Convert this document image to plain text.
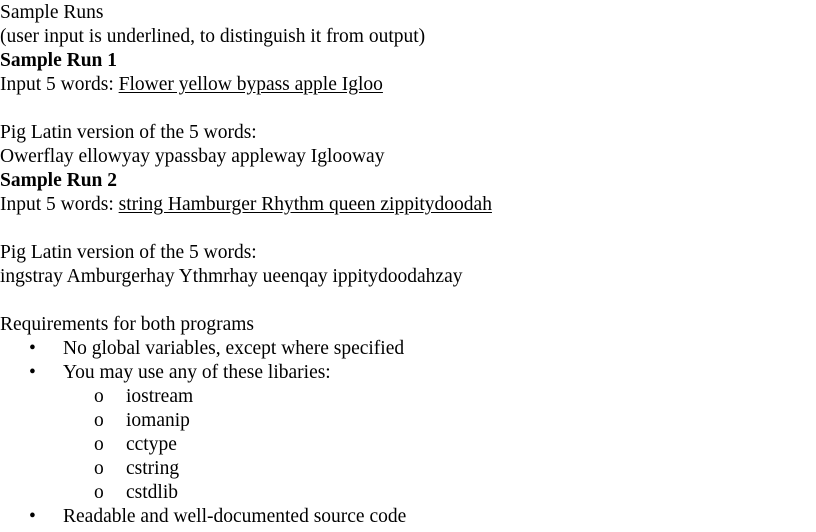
Sample Runs
(user input is underlined, to distinguish it from output)
Sample Run 1
Input 5 words: Flower yellow bypass apple Igloo
Pig Latin version of the 5 words:
Owerflay ellowyay ypassbay appleway Iglooway
Sample Run 2
Input 5 words: string Hamburger Rhythm queen zippitydoodah
Pig Latin version of the 5 words:
ingstray Amburgerhay Ythmrhay ueenqay ippitydoodahzay
Requirements for both programs
• No global variables, except where specified
• You may use any of these libaries:
o iostream
o iomanip
o cctype
o cstring
o cstdlib
• Readable and well-documented source code
